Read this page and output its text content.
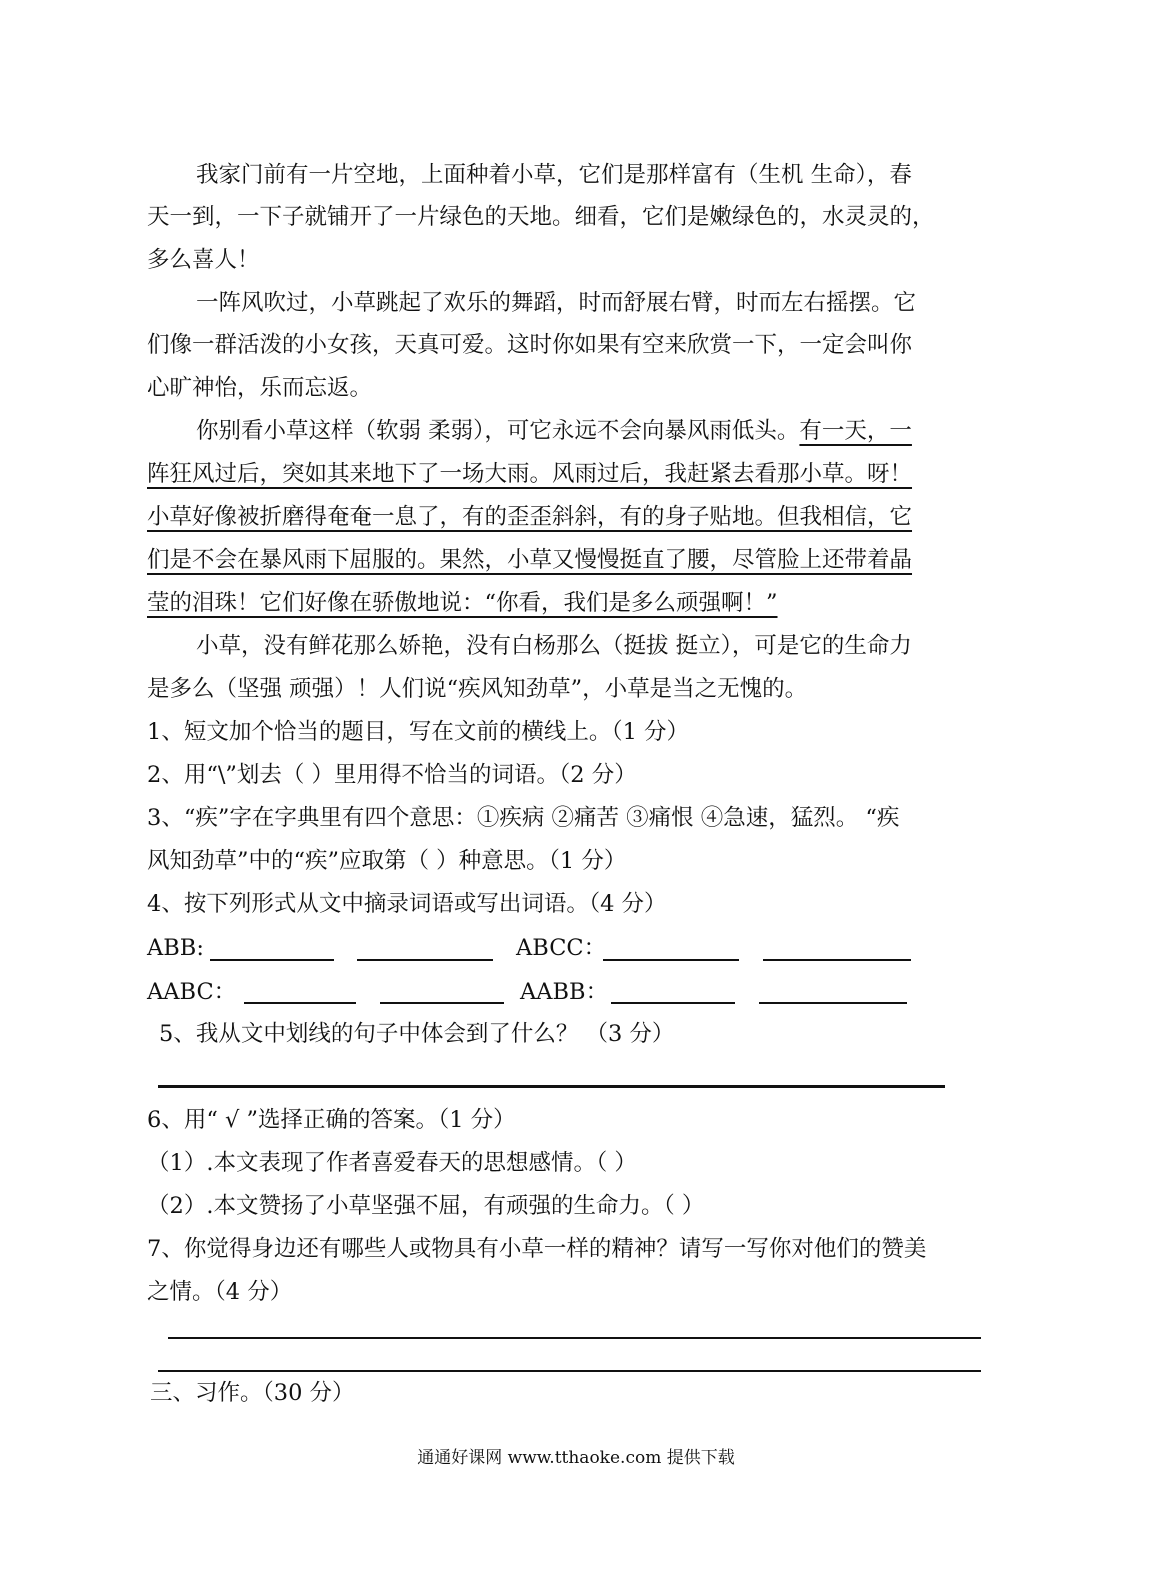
我家门前有一片空地，上面种着小草，它们是那样富有（生机 生命），春
天一到，一下子就铺开了一片绿色的天地。细看，它们是嫩绿色的，水灵灵的，
多么喜人！
一阵风吹过，小草跳起了欢乐的舞蹈，时而舒展右臂，时而左右摇摆。它
们像一群活泼的小女孩，天真可爱。这时你如果有空来欣赏一下，一定会叫你
心旷神怡，乐而忘返。
你别看小草这样（软弱 柔弱），可它永远不会向暴风雨低头。有一天，一
阵狂风过后，突如其来地下了一场大雨。风雨过后，我赶紧去看那小草。呀！
小草好像被折磨得奄奄一息了，有的歪歪斜斜，有的身子贴地。但我相信，它
们是不会在暴风雨下屈服的。果然，小草又慢慢挺直了腰，尽管脸上还带着晶
莹的泪珠！它们好像在骄傲地说：“你看，我们是多么顽强啊！”
小草，没有鲜花那么娇艳，没有白杨那么（挺拔 挺立），可是它的生命力
是多么（坚强 顽强）！人们说“疾风知劲草”，小草是当之无愧的。
1、短文加个恰当的题目，写在文前的横线上。（1 分）
2、用“\”划去（ ）里用得不恰当的词语。（2 分）
3、“疾”字在字典里有四个意思：①疾病 ②痛苦 ③痛恨 ④急速，猛烈。 “疾
风知劲草”中的“疾”应取第（ ）种意思。（1 分）
4、按下列形式从文中摘录词语或写出词语。（4 分）
ABB:	ABCC：
AABC：	AABB：
5、我从文中划线的句子中体会到了什么？ （3 分）
6、用“ √ ”选择正确的答案。（1 分）
（1）.本文表现了作者喜爱春天的思想感情。（ ）
（2）.本文赞扬了小草坚强不屈，有顽强的生命力。（ ）
7、你觉得身边还有哪些人或物具有小草一样的精神？请写一写你对他们的赞美
之情。（4 分）
三、习作。（30 分）
通通好课网 www.tthaoke.com 提供下载
